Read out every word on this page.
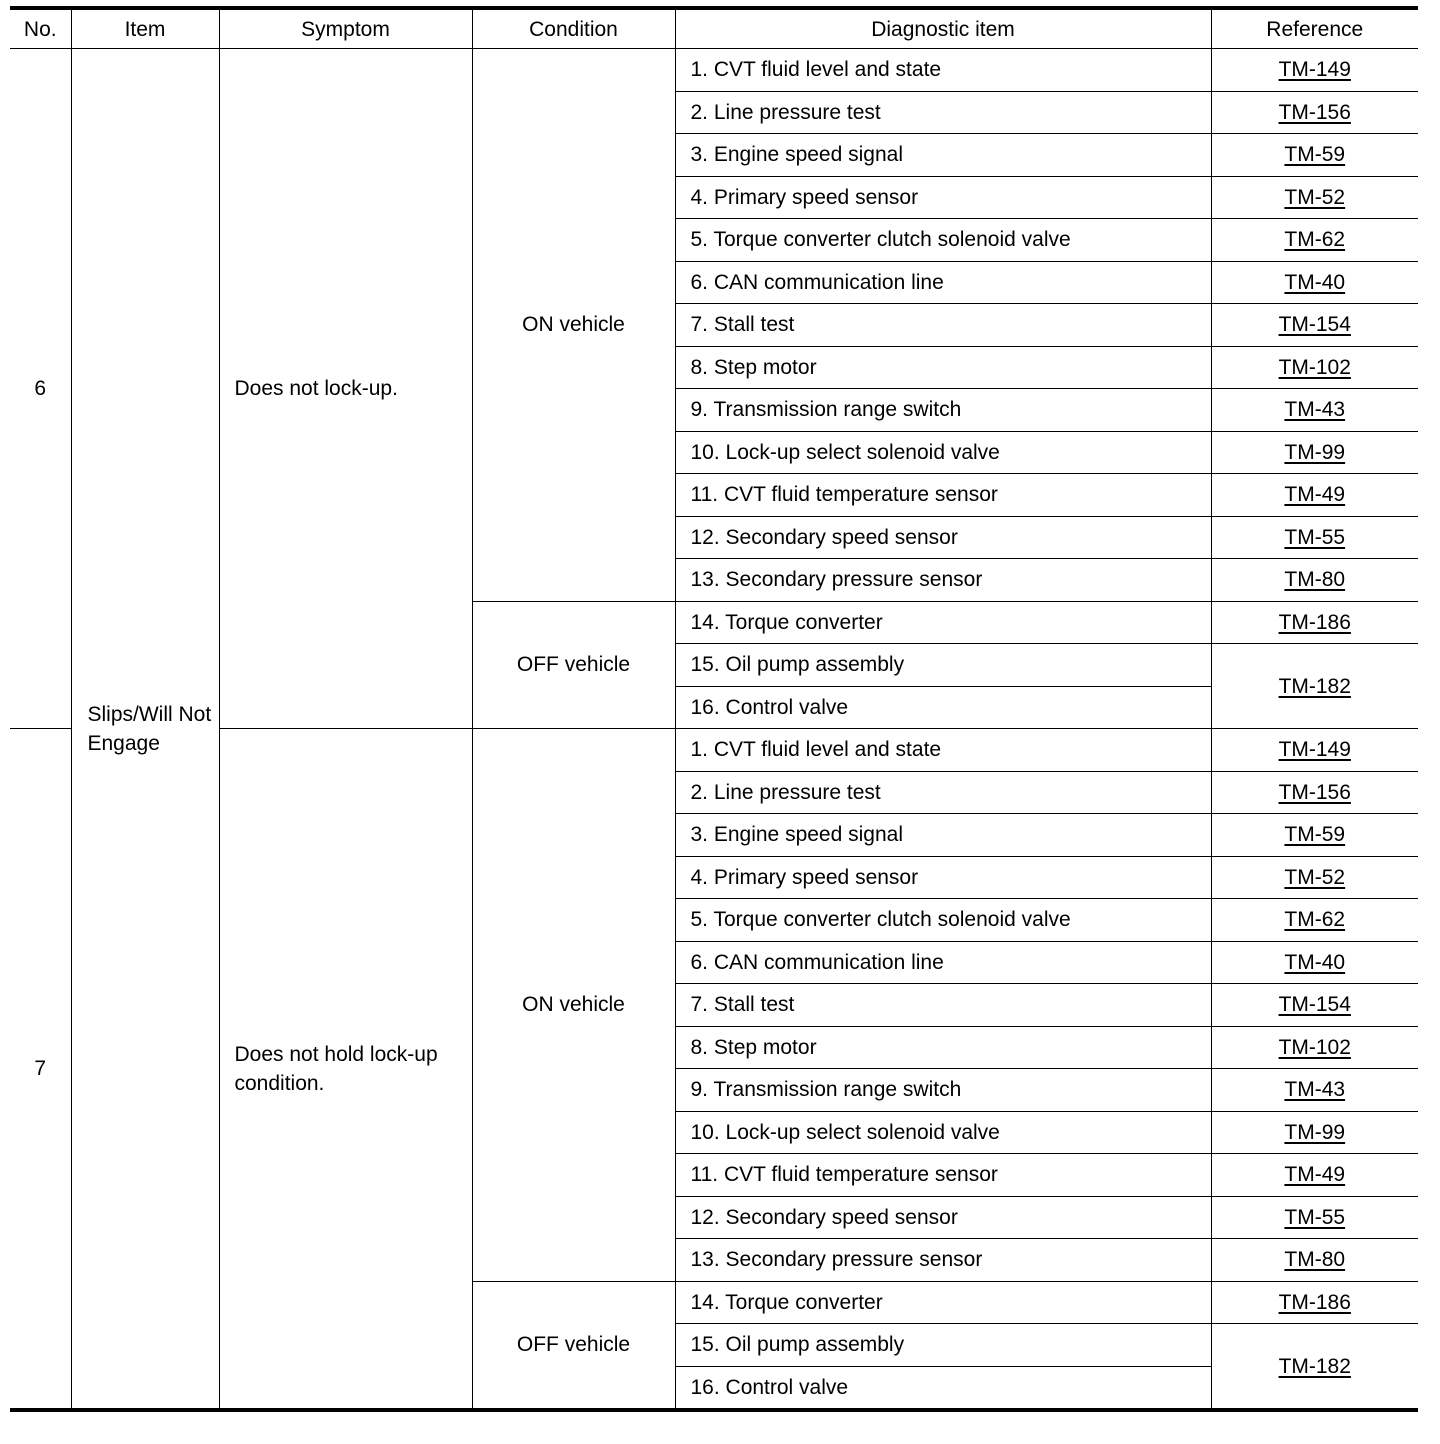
No.	Item	Symptom	Condition	Diagnostic item	Reference
6	Slips/Will Not Engage	Does not lock-up.	ON vehicle	1. CVT fluid level and state	TM-149
				2. Line pressure test	TM-156
				3. Engine speed signal	TM-59
				4. Primary speed sensor	TM-52
				5. Torque converter clutch solenoid valve	TM-62
				6. CAN communication line	TM-40
				7. Stall test	TM-154
				8. Step motor	TM-102
				9. Transmission range switch	TM-43
				10. Lock-up select solenoid valve	TM-99
				11. CVT fluid temperature sensor	TM-49
				12. Secondary speed sensor	TM-55
				13. Secondary pressure sensor	TM-80
			OFF vehicle	14. Torque converter	TM-186
				15. Oil pump assembly	TM-182
				16. Control valve	
7		Does not hold lock-up condition.	ON vehicle	1. CVT fluid level and state	TM-149
				2. Line pressure test	TM-156
				3. Engine speed signal	TM-59
				4. Primary speed sensor	TM-52
				5. Torque converter clutch solenoid valve	TM-62
				6. CAN communication line	TM-40
				7. Stall test	TM-154
				8. Step motor	TM-102
				9. Transmission range switch	TM-43
				10. Lock-up select solenoid valve	TM-99
				11. CVT fluid temperature sensor	TM-49
				12. Secondary speed sensor	TM-55
				13. Secondary pressure sensor	TM-80
			OFF vehicle	14. Torque converter	TM-186
				15. Oil pump assembly	TM-182
				16. Control valve	
